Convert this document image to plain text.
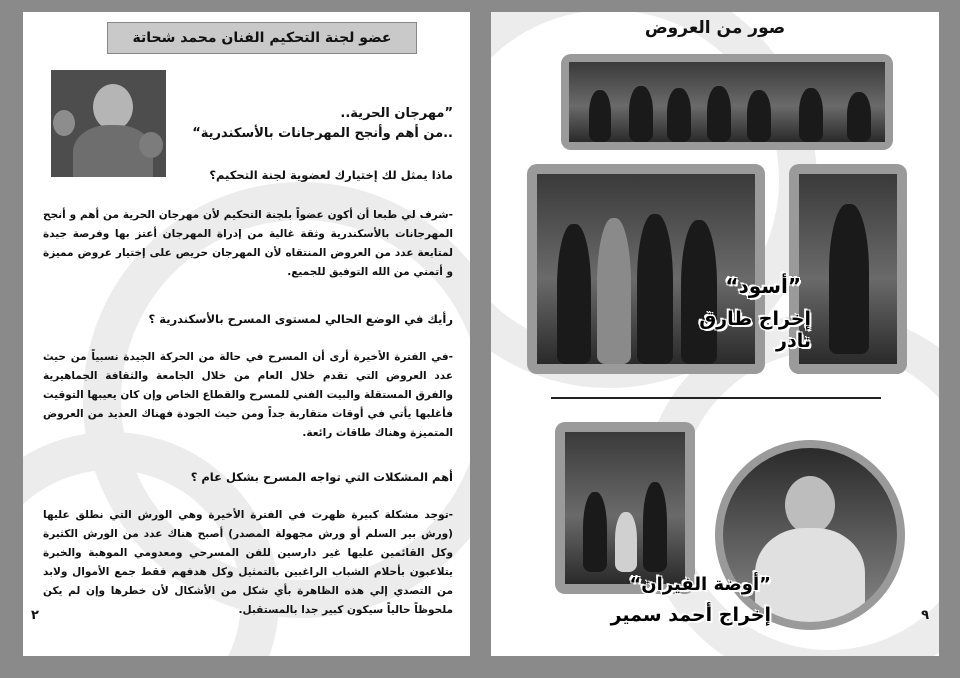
عضو لجنة التحكيم الفنان محمد شحاتة
”مهرجان الحرية..
..من أهم وأنجح المهرجانات بالأسكندرية“
ماذا يمثل لك إختيارك لعضوية لجنة التحكيم؟
-شرف لي طبعا أن أكون عضواً بلجنة التحكيم لأن مهرجان الحرية من أهم و أنجح المهرجانات بالأسكندرية وثقة غالية من إدراة المهرجان أعتز بها وفرصة جيدة لمتابعة عدد من العروض المنتقاه لأن المهرجان حريص على إختيار عروض مميزة و أتمني من الله التوفيق للجميع.
رأيك في الوضع الحالي لمستوى المسرح بالأسكندرية ؟
-في الفترة الأخيرة أرى أن المسرح في حالة من الحركة الجيدة نسبياً من حيث عدد العروض التي تقدم خلال العام من خلال الجامعة والثقافة الجماهيرية والفرق المستقلة والبيت الفني للمسرح والقطاع الخاص وإن كان يعيبها التوقيت فأغلبها يأتي في أوقات متقاربة جداً ومن حيث الجودة فهناك العديد من العروض المتميزة وهناك طاقات رائعة.
أهم المشكلات التي تواجه المسرح بشكل عام ؟
-توجد مشكلة كبيرة ظهرت في الفترة الأخيرة وهي الورش التي نطلق عليها (ورش بير السلم أو ورش مجهولة المصدر) أصبح هناك عدد من الورش الكثيرة وكل القائمين عليها غير دارسين للفن المسرحي ومعدومي الموهبة والخبرة يتلاعبون بأحلام الشباب الراغبين بالتمثيل وكل هدفهم فقط جمع الأموال ولابد من التصدي إلي هذه الظاهرة بأي شكل من الأشكال لأن خطرها وإن لم يكن ملحوظاً حالياً سيكون كبير جدا بالمستقبل.
٢
صور من العروض
”أسود“
إخراج طارق نادر
”أوضة الفيران“
إخراج أحمد سمير	٩
